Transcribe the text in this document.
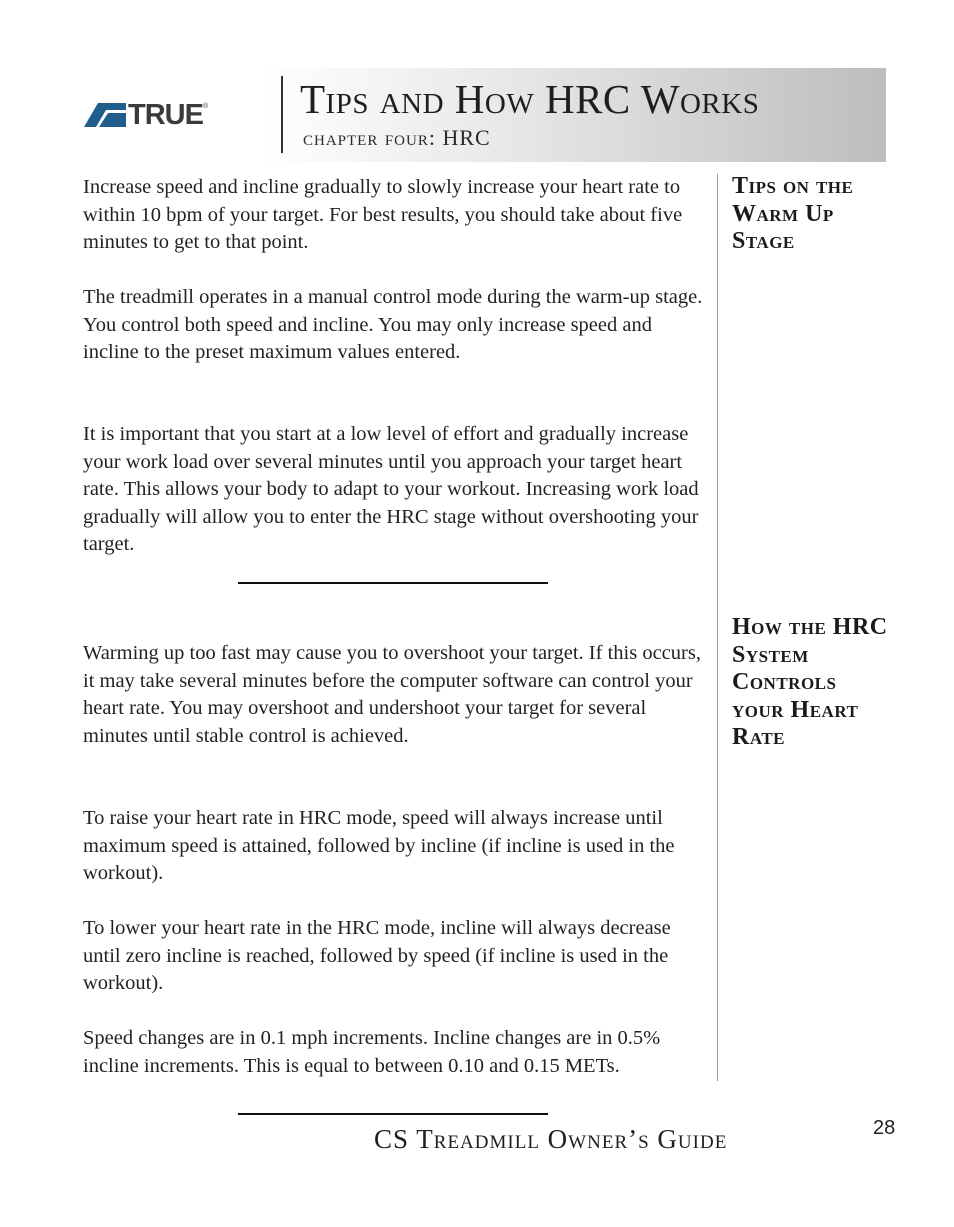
TRUE ® Tips and How HRC Works
chapter four: HRC
Tips on the Warm Up Stage

Increase speed and incline gradually to slowly increase your heart rate to within 10 bpm of your target. For best results, you should take about five minutes to get to that point.

The treadmill operates in a manual control mode during the warm-up stage. You control both speed and incline. You may only increase speed and incline to the preset maximum values entered.

It is important that you start at a low level of effort and gradually increase your work load over several minutes until you approach your target heart rate. This allows your body to adapt to your workout. Increasing work load gradually will allow you to enter the HRC stage without overshooting your target.

How the HRC System Controls your Heart Rate

Warming up too fast may cause you to overshoot your target. If this occurs, it may take several minutes before the computer software can control your heart rate. You may overshoot and undershoot your target for several minutes until stable control is achieved.

To raise your heart rate in HRC mode, speed will always increase until maximum speed is attained, followed by incline (if incline is used in the workout).

To lower your heart rate in the HRC mode, incline will always decrease until zero incline is reached, followed by speed (if incline is used in the workout).

Speed changes are in 0.1 mph increments. Incline changes are in 0.5% incline increments. This is equal to between 0.10 and 0.15 METs.

CS Treadmill Owner’s Guide	28
